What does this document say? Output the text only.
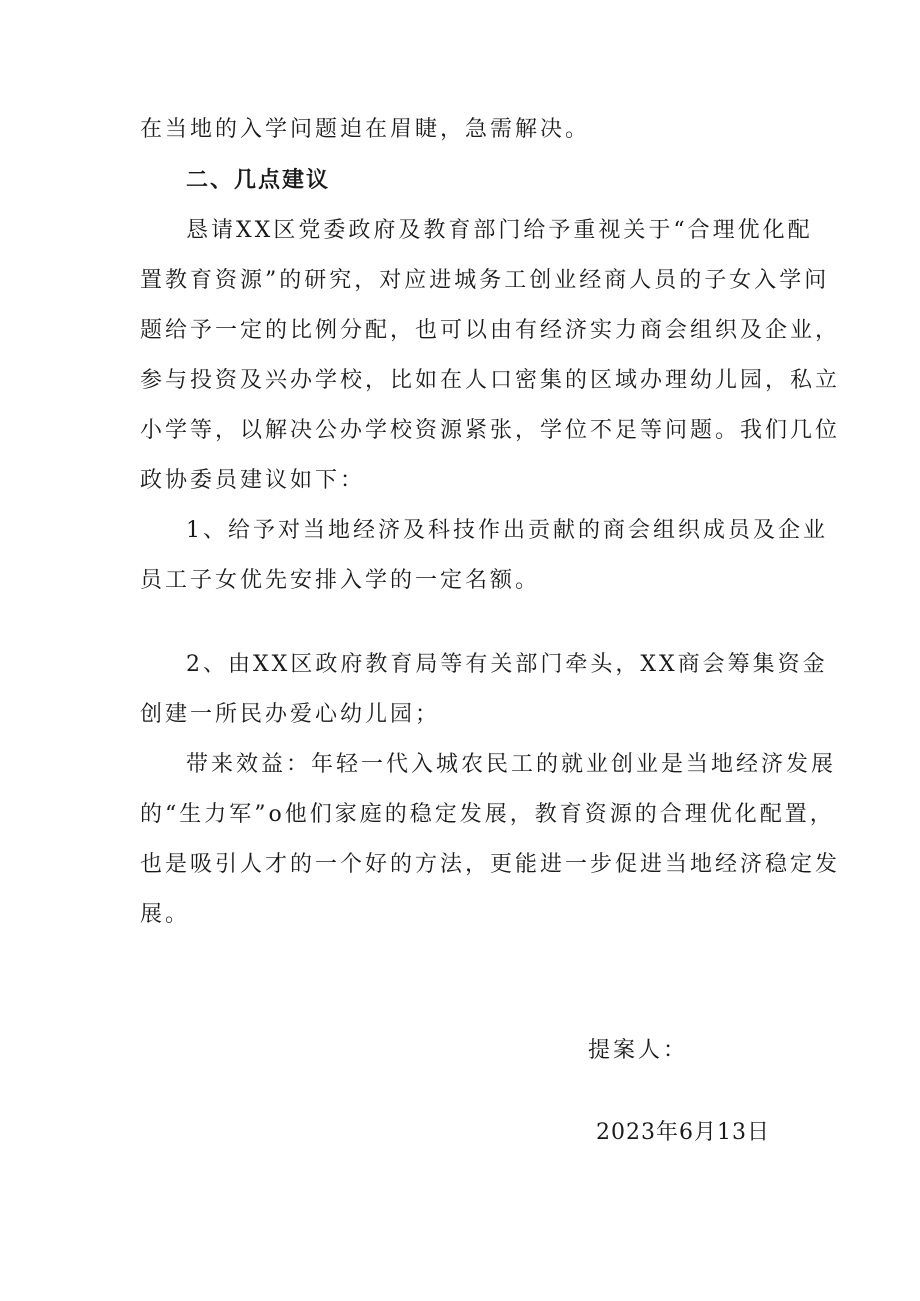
在当地的入学问题迫在眉睫，急需解决。
二、几点建议
恳请XX区党委政府及教育部门给予重视关于“合理优化配
置教育资源”的研究，对应进城务工创业经商人员的子女入学问
题给予一定的比例分配，也可以由有经济实力商会组织及企业，
参与投资及兴办学校，比如在人口密集的区域办理幼儿园，私立
小学等，以解决公办学校资源紧张，学位不足等问题。我们几位
政协委员建议如下：
1、给予对当地经济及科技作出贡献的商会组织成员及企业
员工子女优先安排入学的一定名额。
2、由XX区政府教育局等有关部门牵头，XX商会筹集资金
创建一所民办爱心幼儿园；
带来效益：年轻一代入城农民工的就业创业是当地经济发展
的“生力军”o他们家庭的稳定发展，教育资源的合理优化配置，
也是吸引人才的一个好的方法，更能进一步促进当地经济稳定发
展。
提案人：
2023年6月13日
